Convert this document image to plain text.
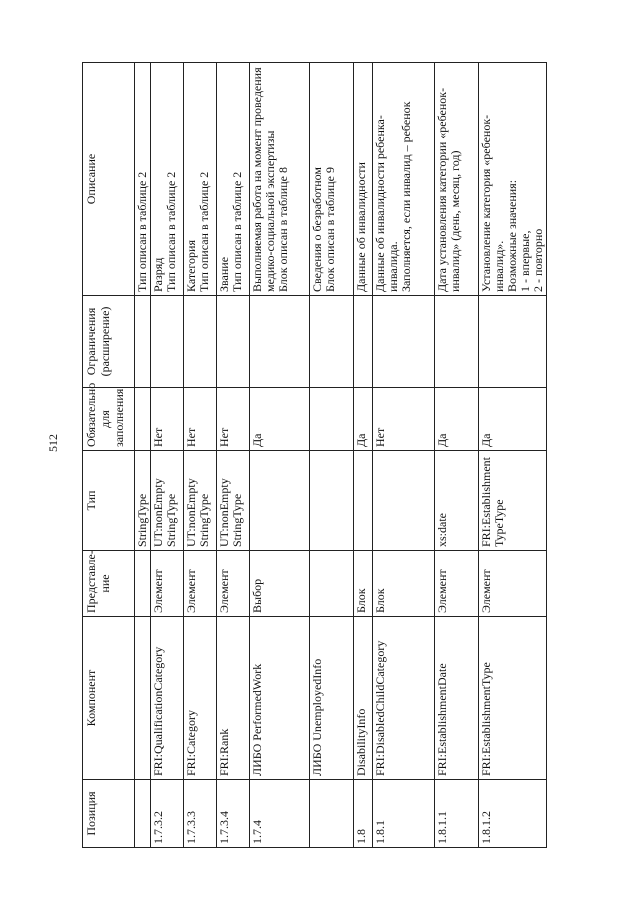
512
Позиция	Компонент	Представле-ние	Тип	Обязательно для заполнения	Ограничения (расширение)	Описание
			StringType			Тип описан в таблице 2
1.7.3.2	FRI:QualificationCategory	Элемент	UT:nonEmpty StringType	Нет		Разряд
Тип описан в таблице 2
1.7.3.3	FRI:Category	Элемент	UT:nonEmpty StringType	Нет		Категория
Тип описан в таблице 2
1.7.3.4	FRI:Rank	Элемент	UT:nonEmpty StringType	Нет		Звание
Тип описан в таблице 2
1.7.4	ЛИБО PerformedWork	Выбор		Да		Выполняемая работа на момент проведения медико-социальной экспертизы
Блок описан в таблице 8
	ЛИБО UnemployedInfo					Сведения о безработном
Блок описан в таблице 9
1.8	DisabilityInfo	Блок		Да		Данные об инвалидности
1.8.1	FRI:DisabledChildCategory	Блок		Нет		Данные об инвалидности ребенка-инвалида.
Заполняется, если инвалид – ребенок
1.8.1.1	FRI:EstablishmentDate	Элемент	xs:date	Да		Дата установления категории «ребенок-инвалид» (день, месяц, год)
1.8.1.2	FRI:EstablishmentType	Элемент	FRI:Establishment TypeType	Да		Установление категория «ребенок-инвалид».
Возможные значения:
1 - впервые,
2 - повторно
